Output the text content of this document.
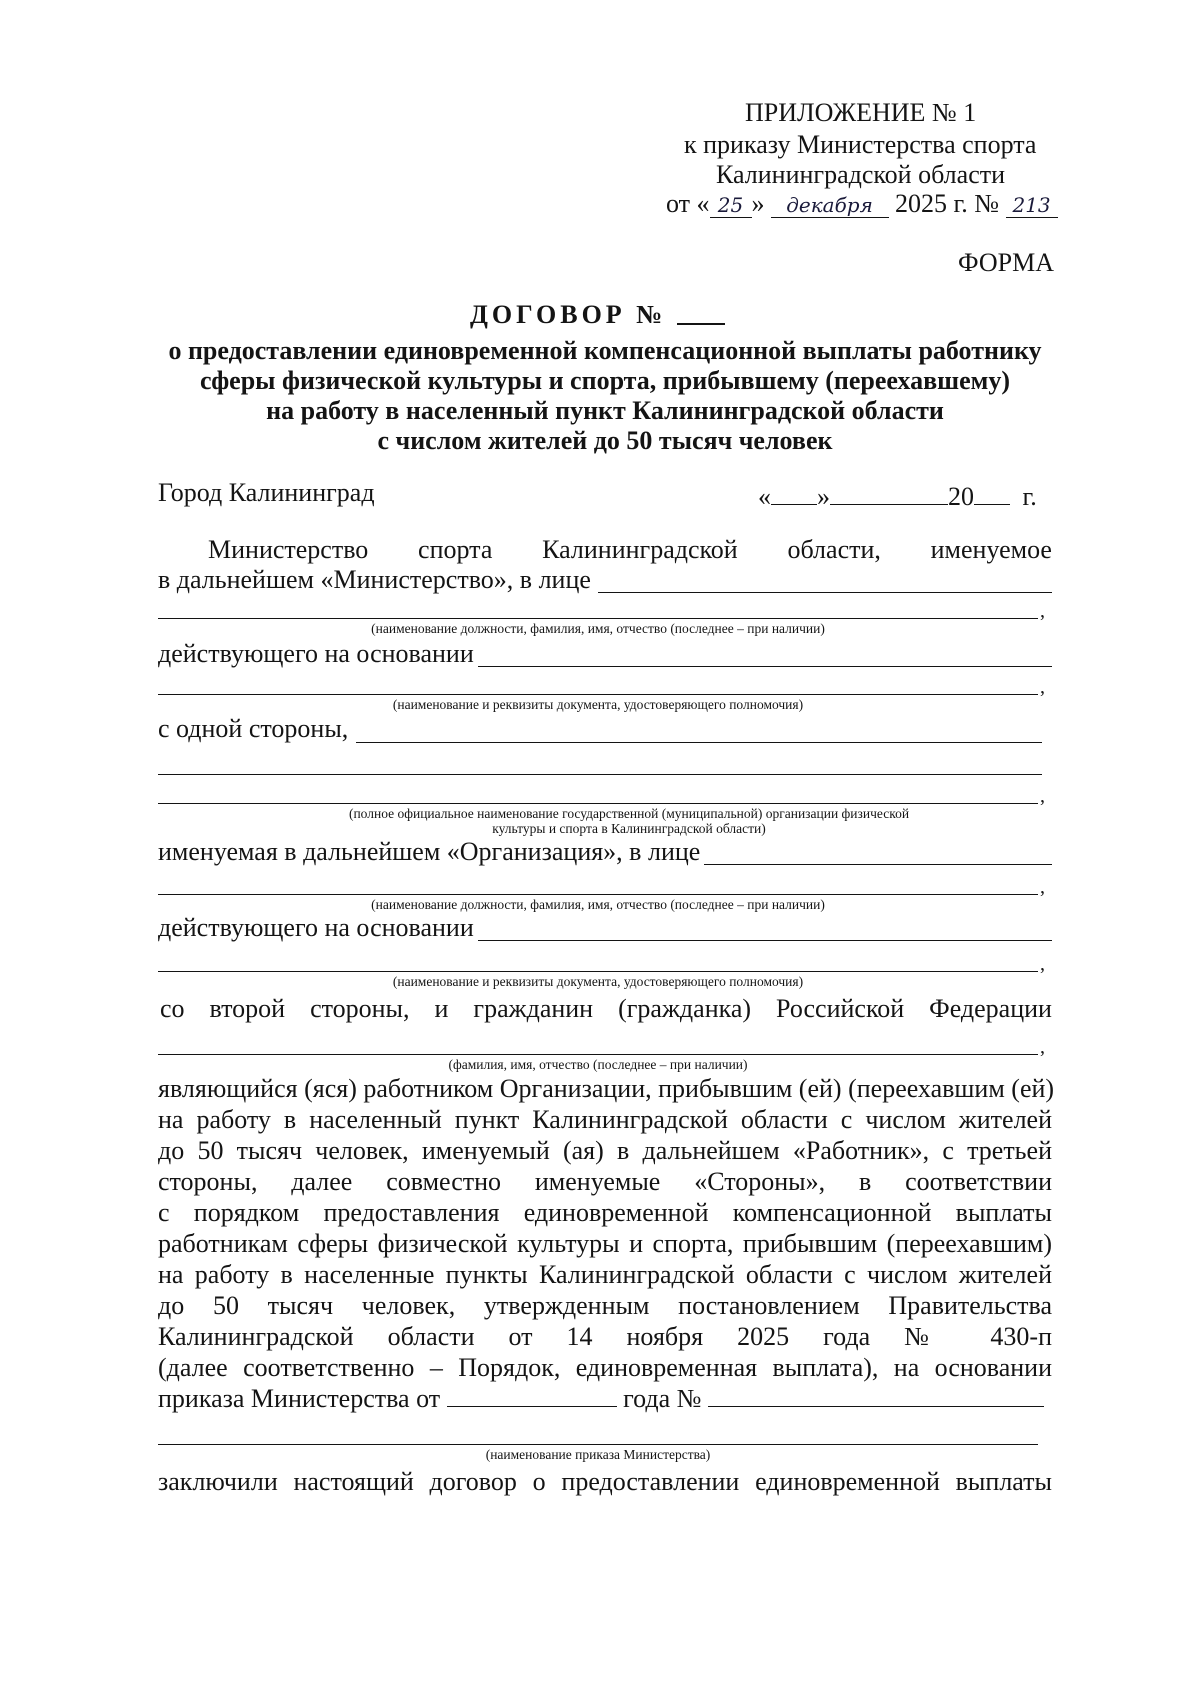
ПРИЛОЖЕНИЕ № 1
к приказу Министерства спорта
Калининградской области
от « 25 » декабря 2025 г. № 213
ФОРМА
ДОГОВОР №
о предоставлении единовременной компенсационной выплаты работнику
сферы физической культуры и спорта, прибывшему (переехавшему)
на работу в населенный пункт Калининградской области
с числом жителей до 50 тысяч человек
Город Калининград	« »	20 г.
Министерство спорта Калининградской области, именуемое
в дальнейшем «Министерство», в лице
,
(наименование должности, фамилия, имя, отчество (последнее – при наличии)
действующего на основании
,
(наименование и реквизиты документа, удостоверяющего полномочия)
с одной стороны,
,
(полное официальное наименование государственной (муниципальной) организации физической
культуры и спорта в Калининградской области)
именуемая в дальнейшем «Организация», в лице
,
(наименование должности, фамилия, имя, отчество (последнее – при наличии)
действующего на основании
,
(наименование и реквизиты документа, удостоверяющего полномочия)
со второй стороны, и гражданин (гражданка) Российской Федерации
,
(фамилия, имя, отчество (последнее – при наличии)
являющийся (яся) работником Организации, прибывшим (ей) (переехавшим (ей)
на работу в населенный пункт Калининградской области с числом жителей
до 50 тысяч человек, именуемый (ая) в дальнейшем «Работник», с третьей
стороны, далее совместно именуемые «Стороны», в соответствии
с порядком предоставления единовременной компенсационной выплаты
работникам сферы физической культуры и спорта, прибывшим (переехавшим)
на работу в населенные пункты Калининградской области с числом жителей
до 50 тысяч человек, утвержденным постановлением Правительства
Калининградской области от 14 ноября 2025 года № 430-п
(далее соответственно – Порядок, единовременная выплата), на основании
приказа Министерства от	года №
(наименование приказа Министерства)
заключили настоящий договор о предоставлении единовременной выплаты
